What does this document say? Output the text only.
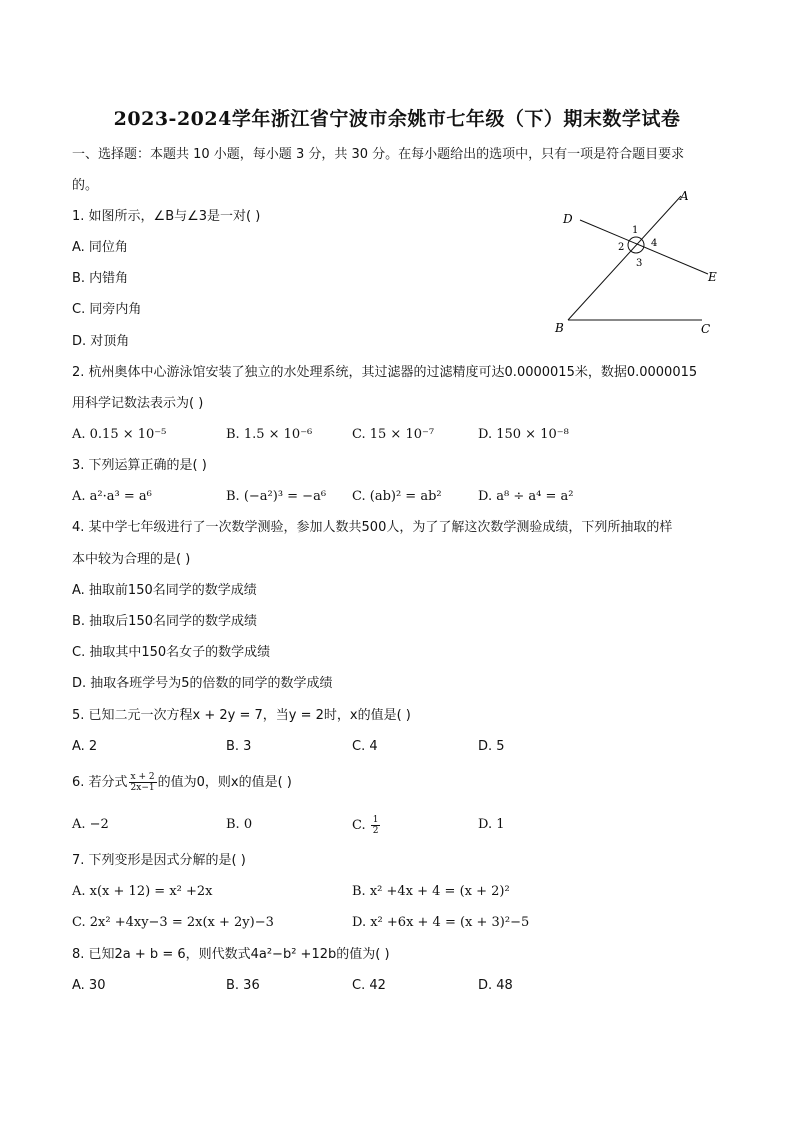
2023-2024学年浙江省宁波市余姚市七年级（下）期末数学试卷
一、选择题：本题共 10 小题，每小题 3 分，共 30 分。在每小题给出的选项中，只有一项是符合题目要求
的。
1. 如图所示，∠B与∠3是一对( )
A. 同位角
B. 内错角
C. 同旁内角
D. 对顶角
A
D
E
B	C
1
2	4
3
2. 杭州奥体中心游泳馆安装了独立的水处理系统，其过滤器的过滤精度可达0.0000015米，数据0.0000015
用科学记数法表示为( )
A. 0.15 × 10⁻⁵	B. 1.5 × 10⁻⁶	C. 15 × 10⁻⁷	D. 150 × 10⁻⁸
3. 下列运算正确的是( )
A. a²·a³ = a⁶	B. (−a²)³ = −a⁶ C. (ab)² = ab²	D. a⁸ ÷ a⁴ = a²
4. 某中学七年级进行了一次数学测验，参加人数共500人，为了了解这次数学测验成绩，下列所抽取的样
本中较为合理的是( )
A. 抽取前150名同学的数学成绩
B. 抽取后150名同学的数学成绩
C. 抽取其中150名女子的数学成绩
D. 抽取各班学号为5的倍数的同学的数学成绩
5. 已知二元一次方程x + 2y = 7，当y = 2时，x的值是( )
A. 2	B. 3	C. 4	D. 5
6. 若分式 $\frac{x + 2}{2x-1}$ 的值为0，则x的值是( )
A. −2	B. 0	C. $\frac{1}{2}$	D. 1
7. 下列变形是因式分解的是( )
A. x(x + 12) = x² +2x	B. x² +4x + 4 = (x + 2)²
C. 2x² +4xy−3 = 2x(x + 2y)−3	D. x² +6x + 4 = (x + 3)²−5
8. 已知2a + b = 6，则代数式4a²−b² +12b的值为( )
A. 30	B. 36	C. 42	D. 48
